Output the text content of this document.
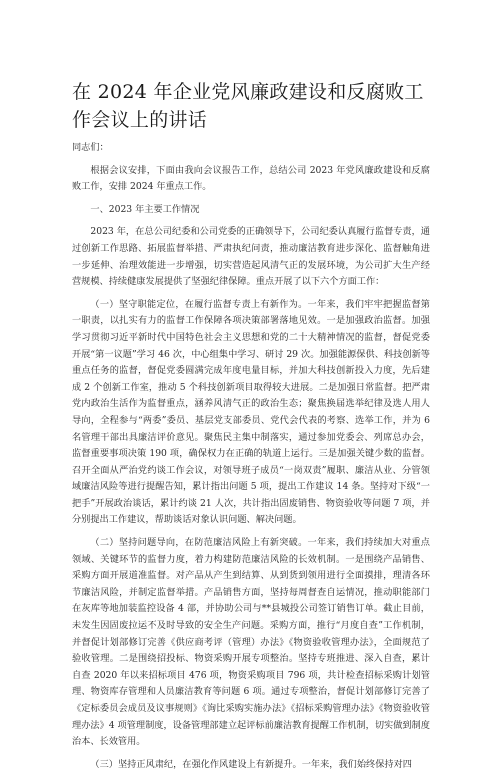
在 2024 年企业党风廉政建设和反腐败工作会议上的讲话

同志们：

根据会议安排，下面由我向会议报告工作，总结公司 2023 年党风廉政建设和反腐败工作，安排 2024 年重点工作。

一、2023 年主要工作情况

2023 年，在总公司纪委和公司党委的正确领导下，公司纪委认真履行监督专责，通过创新工作思路、拓展监督举措、严肃执纪问责，推动廉洁教育进步深化、监督触角进一步延伸、治理效能进一步增强，切实营造起风清气正的发展环境，为公司扩大生产经营规模、持续健康发展提供了坚强纪律保障。重点开展了以下六个方面工作：

（一）坚守职能定位，在履行监督专责上有新作为。一年来，我们牢牢把握监督第一职责，以扎实有力的监督工作保障各项决策部署落地见效。一是加强政治监督。加强学习贯彻习近平新时代中国特色社会主义思想和党的二十大精神情况的监督，督促党委开展“第一议题”学习 46 次，中心组集中学习、研讨 29 次。加强能源保供、科技创新等重点任务的监督，督促党委圆满完成年度电量目标，并加大科技创新投入力度，先后建成 2 个创新工作室，推动 5 个科技创新项目取得较大进展。二是加强日常监督。把严肃党内政治生活作为监督重点，涵养风清气正的政治生态；聚焦换届选举纪律及选人用人导向，全程参与“两委”委员、基层党支部委员、党代会代表的考察、选举工作，并为 6 名管理干部出具廉洁评价意见。聚焦民主集中制落实，通过参加党委会、列席总办会，监督重要事项决策 190 项，确保权力在正确的轨道上运行。三是加强关键少数的监督。召开全面从严治党约谈工作会议，对领导班子成员“一岗双责”履职、廉洁从业、分管领域廉洁风险等进行提醒告知，累计指出问题 5 项，提出工作建议 14 条。坚持对下级“一把手”开展政治谈话，累计约谈 21 人次，共计指出固废销售、物资验收等问题 7 项，并分别提出工作建议，帮助谈话对象认识问题、解决问题。

（二）坚持问题导向，在防范廉洁风险上有新突破。一年来，我们持续加大对重点领域、关键环节的监督力度，着力构建防范廉洁风险的长效机制。一是围绕产品销售、采购方面开展道准监督。对产品从产生到结算、从到货到领用进行全面摸排，理清各环节廉洁风险，并制定监督举措。产品销售方面，坚持每周督查自运情况，推动职能部门在灰库等地加装监控设备 4 部，并协助公司与**县城投公司签订销售订单。截止目前，未发生因固废拉运不及时导致的安全生产问题。采购方面，推行“月度自查”工作机制，并督促计划部修订完善《供应商考评（管理）办法》《物资验收管理办法》，全面规范了验收管理。二是围绕招投标、物资采购开展专项整治。坚持专班推进、深入自查，累计自查 2020 年以来招标项目 476 项，物资采购项目 796 项，共计检查招标采购计划管理、物资库存管理和人员廉洁教育等问题 6 项。通过专项整治，督促计划部修订完善了《定标委员会成员及议事规则》《询比采购实施办法》《招标采购管理办法》《物资验收管理办法》4 项管理制度，设备管理部建立起评标前廉洁教育提醒工作机制，切实做到制度治本、长效管用。

（三）坚持正风肃纪，在强化作风建设上有新提升。一年来，我们始终保持对四
